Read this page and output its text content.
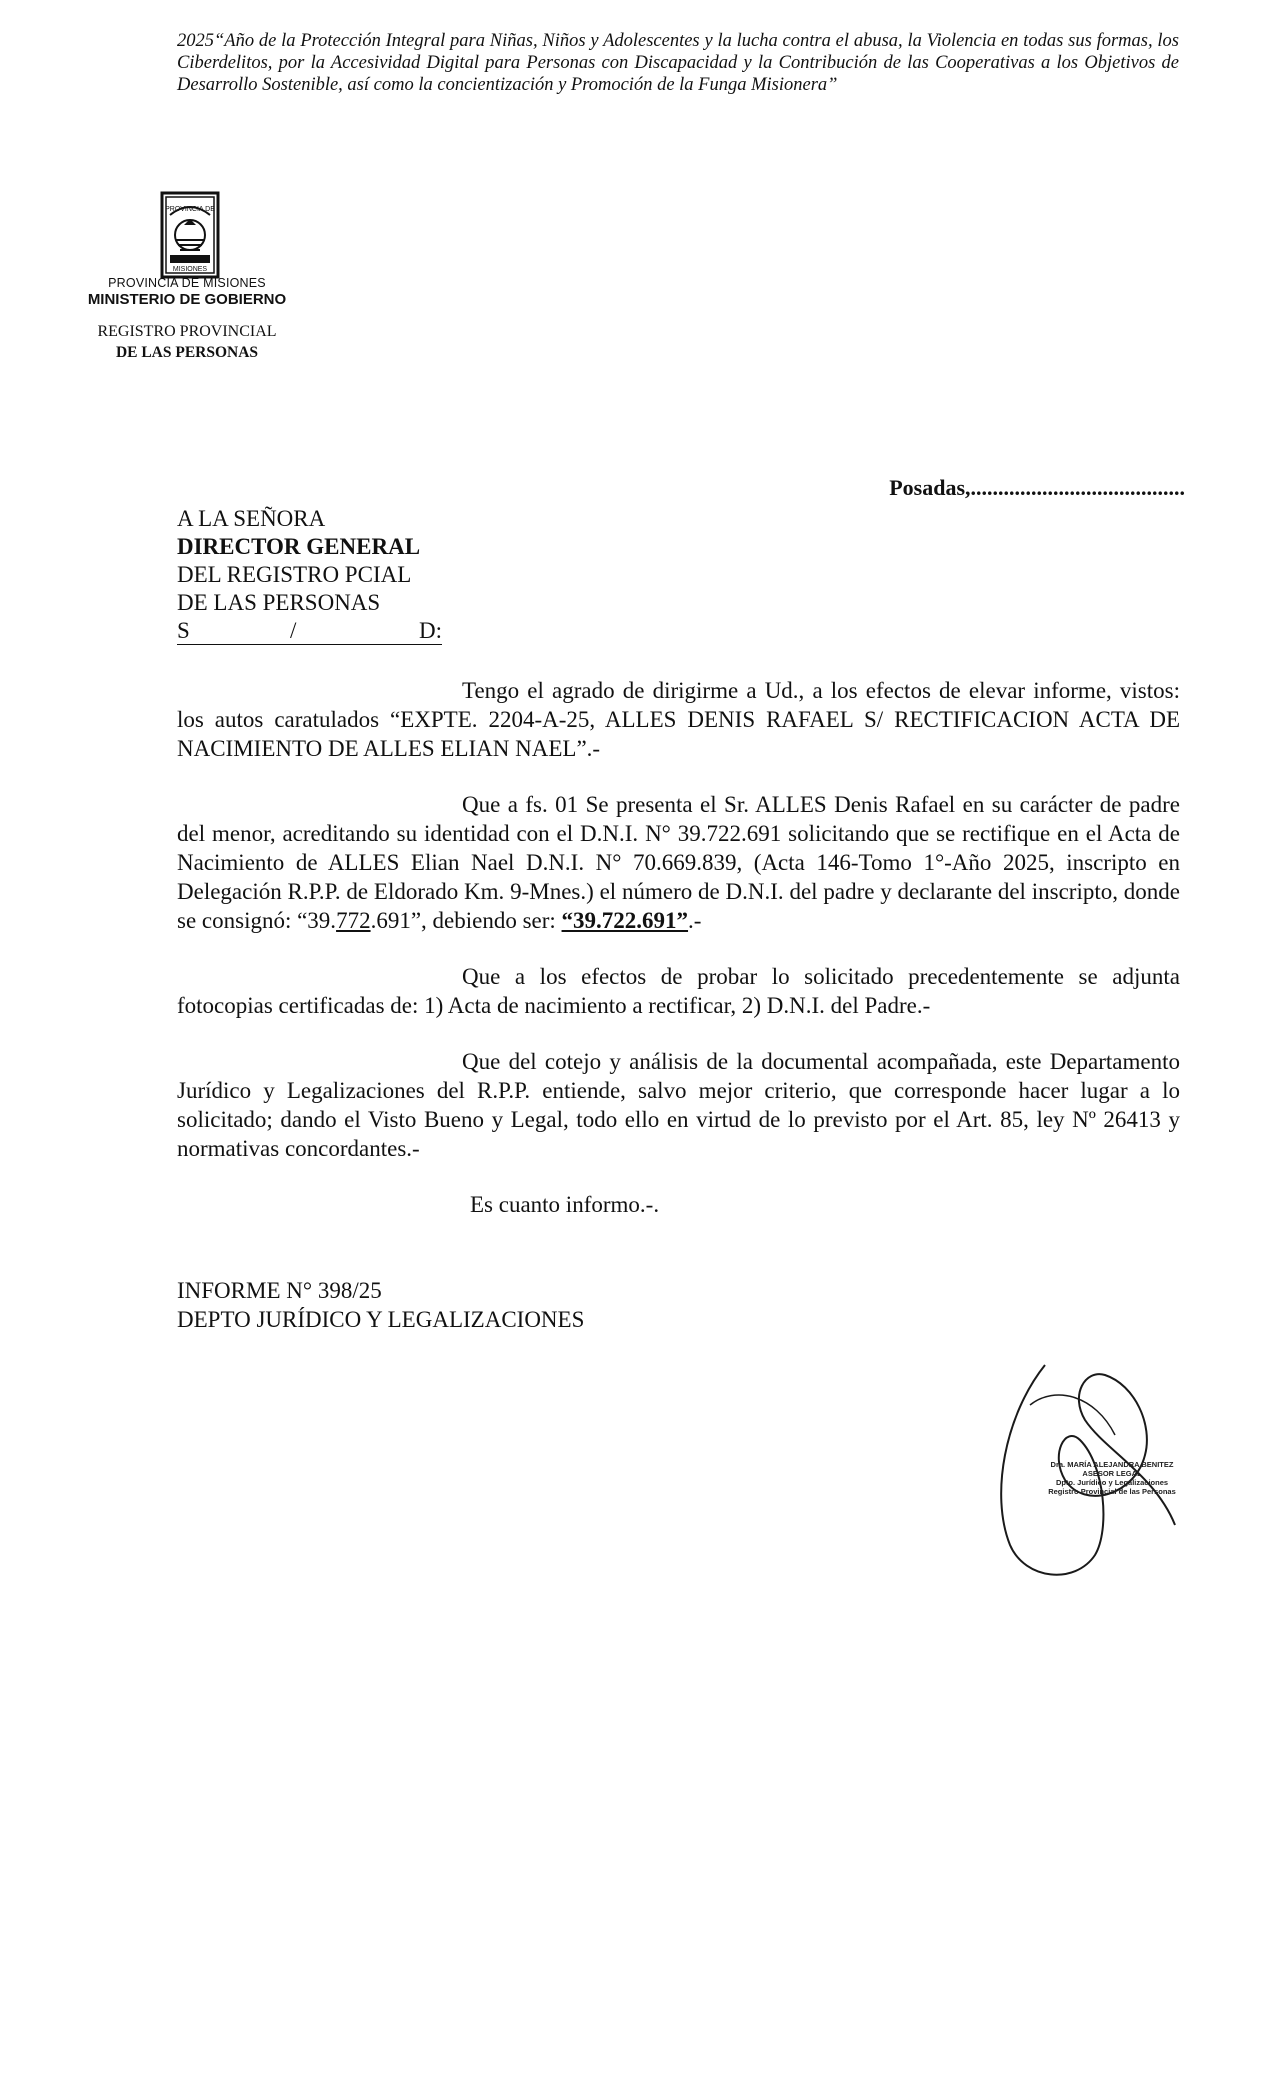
2025“Año de la Protección Integral para Niñas, Niños y Adolescentes y la lucha contra el abusa, la Violencia en todas sus formas, los Ciberdelitos, por la Accesividad Digital para Personas con Discapacidad y la Contribución de las Cooperativas a los Objetivos de Desarrollo Sostenible, así como la concientización y Promoción de la Funga Misionera”
PROVINCIA DE
MISIONES
PROVINCIA DE MISIONES
MINISTERIO DE GOBIERNO
REGISTRO PROVINCIAL
DE LAS PERSONAS
Posadas,.......................................
A LA SEÑORA
DIRECTOR GENERAL
DEL REGISTRO PCIAL
DE LAS PERSONAS
S	/	D:
Tengo el agrado de dirigirme a Ud., a los efectos de elevar informe, vistos: los autos caratulados “EXPTE. 2204-A-25, ALLES DENIS RAFAEL S/ RECTIFICACION ACTA DE NACIMIENTO DE ALLES ELIAN NAEL”.-
Que a fs. 01 Se presenta el Sr. ALLES Denis Rafael en su carácter de padre del menor, acreditando su identidad con el D.N.I. N° 39.722.691 solicitando que se rectifique en el Acta de Nacimiento de ALLES Elian Nael D.N.I. N° 70.669.839, (Acta 146-Tomo 1°-Año 2025, inscripto en Delegación R.P.P. de Eldorado Km. 9-Mnes.) el número de D.N.I. del padre y declarante del inscripto, donde se consignó: “39.772.691”, debiendo ser: “39.722.691”.-
Que a los efectos de probar lo solicitado precedentemente se adjunta fotocopias certificadas de: 1) Acta de nacimiento a rectificar, 2) D.N.I. del Padre.-
Que del cotejo y análisis de la documental acompañada, este Departamento Jurídico y Legalizaciones del R.P.P. entiende, salvo mejor criterio, que corresponde hacer lugar a lo solicitado; dando el Visto Bueno y Legal, todo ello en virtud de lo previsto por el Art. 85, ley Nº 26413 y normativas concordantes.-
Es cuanto informo.-.
INFORME N° 398/25
DEPTO JURÍDICO Y LEGALIZACIONES
Dra. MARÍA ALEJANDRA BENITEZ
ASESOR LEGAL
Dpto. Jurídico y Legalizaciones
Registro Provincial de las Personas
